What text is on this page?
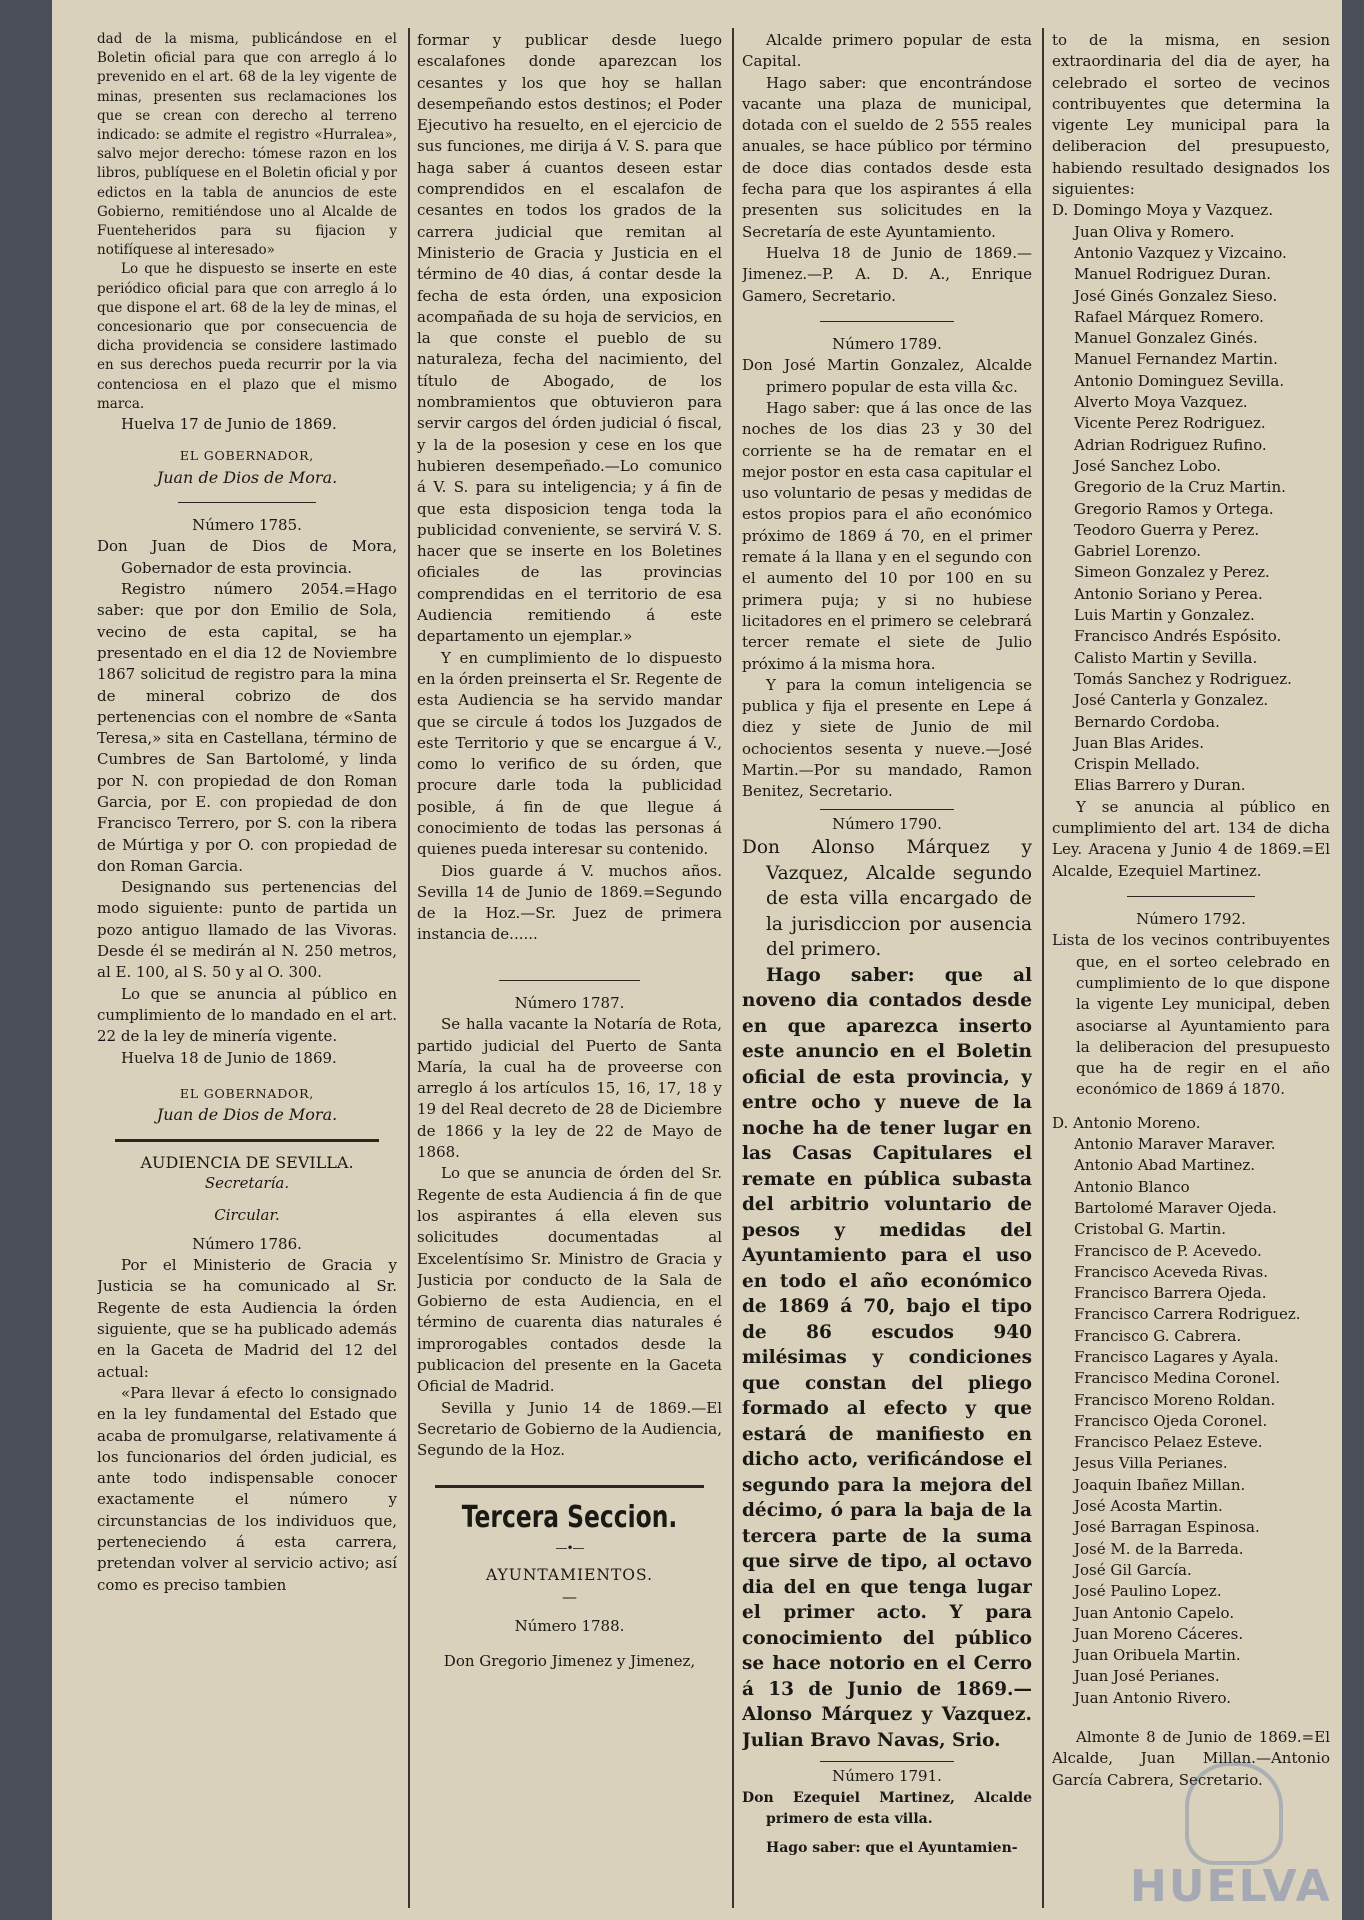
dad de la misma, publicándose en el Boletin oficial para que con arreglo á lo prevenido en el art. 68 de la ley vigente de minas, presenten sus reclamaciones los que se crean con derecho al terreno indicado: se admite el registro «Hurralea», salvo mejor derecho: tómese razon en los libros, publíquese en el Boletin oficial y por edictos en la tabla de anuncios de este Gobierno, remitiéndose uno al Alcalde de Fuenteheridos para su fijacion y notifíquese al interesado»

Lo que he dispuesto se inserte en este periódico oficial para que con arreglo á lo que dispone el art. 68 de la ley de minas, el concesionario que por consecuencia de dicha providencia se considere lastimado en sus derechos pueda recurrir por la via contenciosa en el plazo que el mismo marca.

Huelva 17 de Junio de 1869.

EL GOBERNADOR,

Juan de Dios de Mora.

Número 1785.

Don Juan de Dios de Mora, Gobernador de esta provincia.

Registro número 2054.=Hago saber: que por don Emilio de Sola, vecino de esta capital, se ha presentado en el dia 12 de Noviembre 1867 solicitud de registro para la mina de mineral cobrizo de dos pertenencias con el nombre de «Santa Teresa,» sita en Castellana, término de Cumbres de San Bartolomé, y linda por N. con propiedad de don Roman Garcia, por E. con propiedad de don Francisco Terrero, por S. con la ribera de Múrtiga y por O. con propiedad de don Roman Garcia.

Designando sus pertenencias del modo siguiente: punto de partida un pozo antiguo llamado de las Vivoras. Desde él se medirán al N. 250 metros, al E. 100, al S. 50 y al O. 300.

Lo que se anuncia al público en cumplimiento de lo mandado en el art. 22 de la ley de minería vigente.

Huelva 18 de Junio de 1869.

EL GOBERNADOR,

Juan de Dios de Mora.

AUDIENCIA DE SEVILLA.

Secretaría.

Circular.

Número 1786.

Por el Ministerio de Gracia y Justicia se ha comunicado al Sr. Regente de esta Audiencia la órden siguiente, que se ha publicado además en la Gaceta de Madrid del 12 del actual:

«Para llevar á efecto lo consignado en la ley fundamental del Estado que acaba de promulgarse, relativamente á los funcionarios del órden judicial, es ante todo indispensable conocer exactamente el número y circunstancias de los individuos que, perteneciendo á esta carrera, pretendan volver al servicio activo; así como es preciso tambien

formar y publicar desde luego escalafones donde aparezcan los cesantes y los que hoy se hallan desempeñando estos destinos; el Poder Ejecutivo ha resuelto, en el ejercicio de sus funciones, me dirija á V. S. para que haga saber á cuantos deseen estar comprendidos en el escalafon de cesantes en todos los grados de la carrera judicial que remitan al Ministerio de Gracia y Justicia en el término de 40 dias, á contar desde la fecha de esta órden, una exposicion acompañada de su hoja de servicios, en la que conste el pueblo de su naturaleza, fecha del nacimiento, del título de Abogado, de los nombramientos que obtuvieron para servir cargos del órden judicial ó fiscal, y la de la posesion y cese en los que hubieren desempeñado.—Lo comunico á V. S. para su inteligencia; y á fin de que esta disposicion tenga toda la publicidad conveniente, se servirá V. S. hacer que se inserte en los Boletines oficiales de las provincias comprendidas en el territorio de esa Audiencia remitiendo á este departamento un ejemplar.»

Y en cumplimiento de lo dispuesto en la órden preinserta el Sr. Regente de esta Audiencia se ha servido mandar que se circule á todos los Juzgados de este Territorio y que se encargue á V., como lo verifico de su órden, que procure darle toda la publicidad posible, á fin de que llegue á conocimiento de todas las personas á quienes pueda interesar su contenido.

Dios guarde á V. muchos años. Sevilla 14 de Junio de 1869.=Segundo de la Hoz.—Sr. Juez de primera instancia de......

Número 1787.

Se halla vacante la Notaría de Rota, partido judicial del Puerto de Santa María, la cual ha de proveerse con arreglo á los artículos 15, 16, 17, 18 y 19 del Real decreto de 28 de Diciembre de 1866 y la ley de 22 de Mayo de 1868.

Lo que se anuncia de órden del Sr. Regente de esta Audiencia á fin de que los aspirantes á ella eleven sus solicitudes documentadas al Excelentísimo Sr. Ministro de Gracia y Justicia por conducto de la Sala de Gobierno de esta Audiencia, en el término de cuarenta dias naturales é improrogables contados desde la publicacion del presente en la Gaceta Oficial de Madrid.

Sevilla y Junio 14 de 1869.—El Secretario de Gobierno de la Audiencia, Segundo de la Hoz.

Tercera Seccion.

—•—

AYUNTAMIENTOS.

—

Número 1788.

Don Gregorio Jimenez y Jimenez,

Alcalde primero popular de esta Capital.

Hago saber: que encontrándose vacante una plaza de municipal, dotada con el sueldo de 2 555 reales anuales, se hace público por término de doce dias contados desde esta fecha para que los aspirantes á ella presenten sus solicitudes en la Secretaría de este Ayuntamiento.

Huelva 18 de Junio de 1869.—Jimenez.—P. A. D. A., Enrique Gamero, Secretario.

Número 1789.

Don José Martin Gonzalez, Alcalde primero popular de esta villa &c.

Hago saber: que á las once de las noches de los dias 23 y 30 del corriente se ha de rematar en el mejor postor en esta casa capitular el uso voluntario de pesas y medidas de estos propios para el año económico próximo de 1869 á 70, en el primer remate á la llana y en el segundo con el aumento del 10 por 100 en su primera puja; y si no hubiese licitadores en el primero se celebrará tercer remate el siete de Julio próximo á la misma hora.

Y para la comun inteligencia se publica y fija el presente en Lepe á diez y siete de Junio de mil ochocientos sesenta y nueve.—José Martin.—Por su mandado, Ramon Benitez, Secretario.

Número 1790.

Don Alonso Márquez y Vazquez, Alcalde segundo de esta villa encargado de la jurisdiccion por ausencia del primero.

Hago saber: que al noveno dia contados desde en que aparezca inserto este anuncio en el Boletin oficial de esta provincia, y entre ocho y nueve de la noche ha de tener lugar en las Casas Capitulares el remate en pública subasta del arbitrio voluntario de pesos y medidas del Ayuntamiento para el uso en todo el año económico de 1869 á 70, bajo el tipo de 86 escudos 940 milésimas y condiciones que constan del pliego formado al efecto y que estará de manifiesto en dicho acto, verificándose el segundo para la mejora del décimo, ó para la baja de la tercera parte de la suma que sirve de tipo, al octavo dia del en que tenga lugar el primer acto. Y para conocimiento del público se hace notorio en el Cerro á 13 de Junio de 1869.—Alonso Márquez y Vazquez. Julian Bravo Navas, Srio.

Número 1791.

Don Ezequiel Martinez, Alcalde primero de esta villa.

Hago saber: que el Ayuntamien-

to de la misma, en sesion extraordinaria del dia de ayer, ha celebrado el sorteo de vecinos contribuyentes que determina la vigente Ley municipal para la deliberacion del presupuesto, habiendo resultado designados los siguientes:

D. Domingo Moya y Vazquez.

Juan Oliva y Romero.

Antonio Vazquez y Vizcaino.

Manuel Rodriguez Duran.

José Ginés Gonzalez Sieso.

Rafael Márquez Romero.

Manuel Gonzalez Ginés.

Manuel Fernandez Martin.

Antonio Dominguez Sevilla.

Alverto Moya Vazquez.

Vicente Perez Rodriguez.

Adrian Rodriguez Rufino.

José Sanchez Lobo.

Gregorio de la Cruz Martin.

Gregorio Ramos y Ortega.

Teodoro Guerra y Perez.

Gabriel Lorenzo.

Simeon Gonzalez y Perez.

Antonio Soriano y Perea.

Luis Martin y Gonzalez.

Francisco Andrés Espósito.

Calisto Martin y Sevilla.

Tomás Sanchez y Rodriguez.

José Canterla y Gonzalez.

Bernardo Cordoba.

Juan Blas Arides.

Crispin Mellado.

Elias Barrero y Duran.

Y se anuncia al público en cumplimiento del art. 134 de dicha Ley. Aracena y Junio 4 de 1869.=El Alcalde, Ezequiel Martinez.

Número 1792.

Lista de los vecinos contribuyentes que, en el sorteo celebrado en cumplimiento de lo que dispone la vigente Ley municipal, deben asociarse al Ayuntamiento para la deliberacion del presupuesto que ha de regir en el año económico de 1869 á 1870.

D. Antonio Moreno.

Antonio Maraver Maraver.

Antonio Abad Martinez.

Antonio Blanco

Bartolomé Maraver Ojeda.

Cristobal G. Martin.

Francisco de P. Acevedo.

Francisco Aceveda Rivas.

Francisco Barrera Ojeda.

Francisco Carrera Rodriguez.

Francisco G. Cabrera.

Francisco Lagares y Ayala.

Francisco Medina Coronel.

Francisco Moreno Roldan.

Francisco Ojeda Coronel.

Francisco Pelaez Esteve.

Jesus Villa Perianes.

Joaquin Ibañez Millan.

José Acosta Martin.

José Barragan Espinosa.

José M. de la Barreda.

José Gil García.

José Paulino Lopez.

Juan Antonio Capelo.

Juan Moreno Cáceres.

Juan Oribuela Martin.

Juan José Perianes.

Juan Antonio Rivero.

Almonte 8 de Junio de 1869.=El Alcalde, Juan Millan.—Antonio García Cabrera, Secretario.

HUELVA
